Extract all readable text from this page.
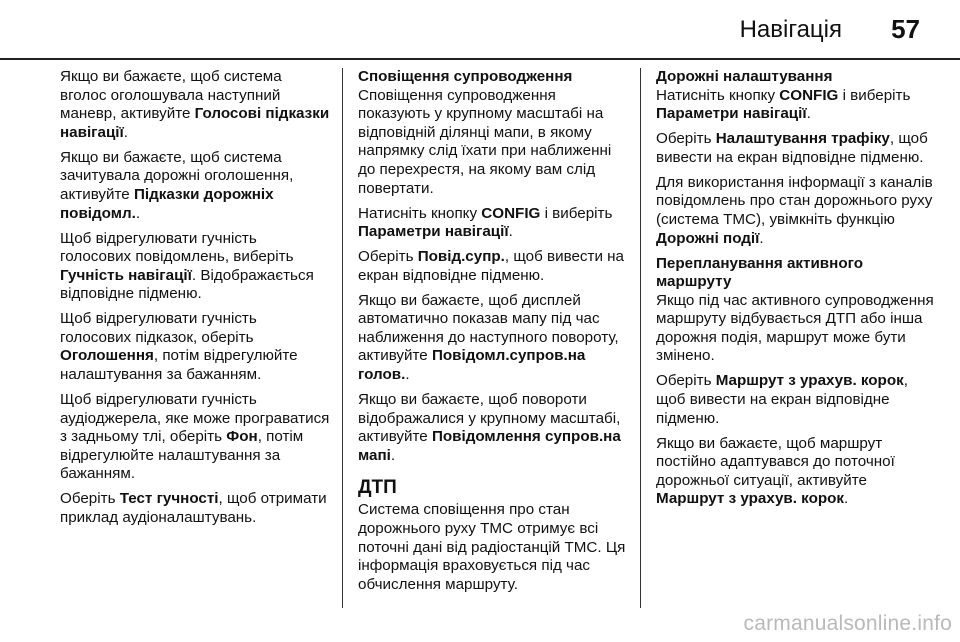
Навігація 57

Якщо ви бажаєте, щоб система вголос оголошувала наступний маневр, активуйте Голосові підказки навігації.

Якщо ви бажаєте, щоб система зачитувала дорожні оголошення, активуйте Підказки дорожніх повідомл..

Щоб відрегулювати гучність голосових повідомлень, виберіть Гучність навігації. Відображається відповідне підменю.

Щоб відрегулювати гучність голосових підказок, оберіть Оголошення, потім відрегулюйте налаштування за бажанням.

Щоб відрегулювати гучність аудіоджерела, яке може програватися з задньому тлі, оберіть Фон, потім відрегулюйте налаштування за бажанням.

Оберіть Тест гучності, щоб отримати приклад аудіоналаштувань.

Сповіщення супроводження

Сповіщення супроводження показують у крупному масштабі на відповідній ділянці мапи, в якому напрямку слід їхати при наближенні до перехрестя, на якому вам слід повертати.

Натисніть кнопку CONFIG і виберіть Параметри навігації.

Оберіть Повід.супр., щоб вивести на екран відповідне підменю.

Якщо ви бажаєте, щоб дисплей автоматично показав мапу під час наближення до наступного повороту, активуйте Повідомл.супров.на голов..

Якщо ви бажаєте, щоб повороти відображалися у крупному масштабі, активуйте Повідомлення супров.на мапі.

ДТП

Система сповіщення про стан дорожнього руху TMC отримує всі поточні дані від радіостанцій TMC. Ця інформація враховується під час обчислення маршруту.

Дорожні налаштування

Натисніть кнопку CONFIG і виберіть Параметри навігації.

Оберіть Налаштування трафіку, щоб вивести на екран відповідне підменю.

Для використання інформації з каналів повідомлень про стан дорожнього руху (система TMC), увімкніть функцію Дорожні події.

Перепланування активного маршруту

Якщо під час активного супроводження маршруту відбувається ДТП або інша дорожня подія, маршрут може бути змінено.

Оберіть Маршрут з урахув. корок, щоб вивести на екран відповідне підменю.

Якщо ви бажаєте, щоб маршрут постійно адаптувався до поточної дорожньої ситуації, активуйте Маршрут з урахув. корок.

carmanualsonline.info
